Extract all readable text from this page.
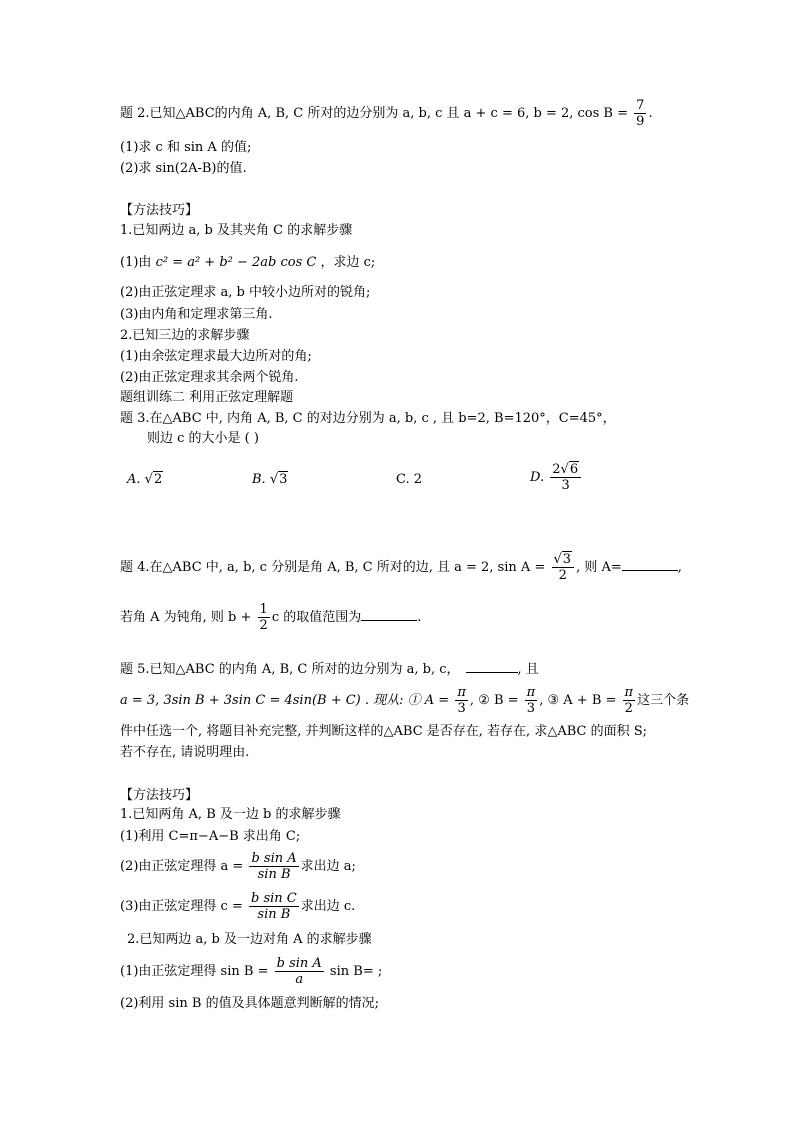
题 2.已知△ABC的内角 A, B, C 所对的边分别为 a, b, c 且 a + c = 6, b = 2, $\cos B = \frac{7}{9}$ .
(1)求 c 和 sin A 的值;
(2)求 sin(2A-B)的值.
【方法技巧】
1.已知两边 a, b 及其夹角 C 的求解步骤
(1)由 c² = a² + b² − 2ab cos C ，求边 c;
(2)由正弦定理求 a, b 中较小边所对的锐角;
(3)由内角和定理求第三角.
2.已知三边的求解步骤
(1)由余弦定理求最大边所对的角;
(2)由正弦定理求其余两个锐角.
题组训练二 利用正弦定理解题
题 3.在△ABC 中, 内角 A, B, C 的对边分别为 a, b, c , 且 b=2, B=120°，C=45°，
则边 c 的大小是 ( )
A. √2	B. √3	C. 2	D. $\frac{2√6}{3}$
题 4.在△ABC 中, a, b, c 分别是角 A, B, C 所对的边, 且 a = 2, $\sin A = \frac{√3}{2}$ , 则 A=	,
若角 A 为钝角, 则 $b + \frac{1}{2}$ c 的取值范围为	.
题 5.已知△ABC 的内角 A, B, C 所对的边分别为 a, b, c，	, 且
a = 3, 3sin B + 3sin C = 4sin(B + C) . 现从: ① $A = \frac{\pi}{3}$ , ② $B = \frac{\pi}{3}$ , ③ $A + B = \frac{\pi}{2}$ 这三个条
件中任选一个, 将题目补充完整, 并判断这样的△ABC 是否存在, 若存在, 求△ABC 的面积 S;
若不存在, 请说明理由.
【方法技巧】
1.已知两角 A, B 及一边 b 的求解步骤
(1)利用 C=π−A−B 求出角 C;
(2)由正弦定理得 $a = \frac{\text{b sin A}}{\text{sin B}}$ 求出边 a;
(3)由正弦定理得 $c = \frac{\text{b sin C}}{\text{sin B}}$ 求出边 c.
2.已知两边 a, b 及一边对角 A 的求解步骤
(1)由正弦定理得 $\sin B = \frac{\text{b sin A}}{a}$ sin B= ;
(2)利用 sin B 的值及具体题意判断解的情况;
